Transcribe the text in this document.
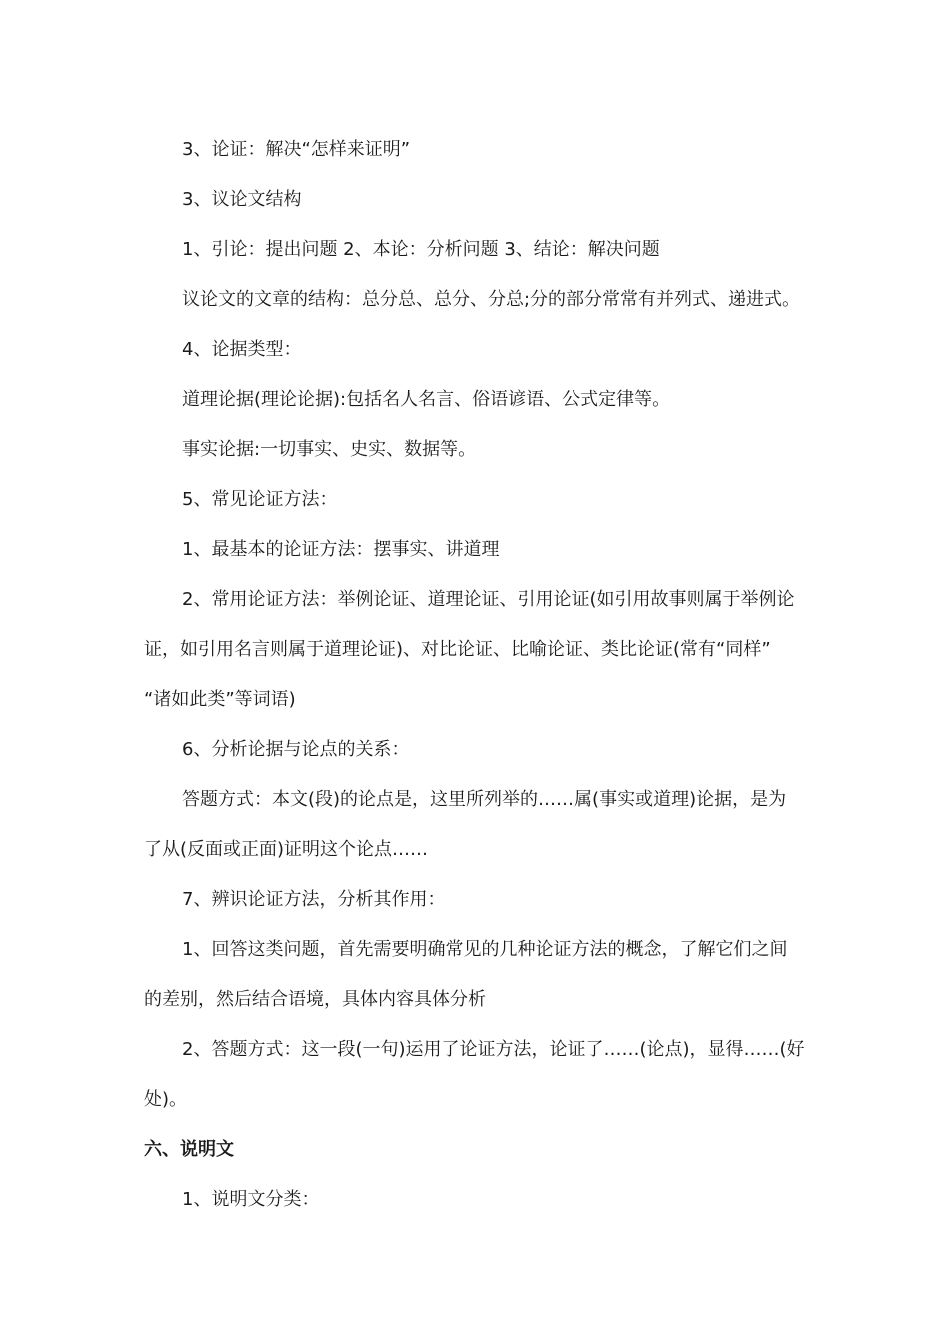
3、论证：解决“怎样来证明”
3、议论文结构
1、引论：提出问题 2、本论：分析问题 3、结论：解决问题
议论文的文章的结构：总分总、总分、分总;分的部分常常有并列式、递进式。
4、论据类型：
道理论据(理论论据):包括名人名言、俗语谚语、公式定律等。
事实论据:一切事实、史实、数据等。
5、常见论证方法：
1、最基本的论证方法：摆事实、讲道理
2、常用论证方法：举例论证、道理论证、引用论证(如引用故事则属于举例论
证，如引用名言则属于道理论证)、对比论证、比喻论证、类比论证(常有“同样”
“诸如此类”等词语)
6、分析论据与论点的关系：
答题方式：本文(段)的论点是，这里所列举的……属(事实或道理)论据，是为
了从(反面或正面)证明这个论点……
7、辨识论证方法，分析其作用：
1、回答这类问题，首先需要明确常见的几种论证方法的概念，了解它们之间
的差别，然后结合语境，具体内容具体分析
2、答题方式：这一段(一句)运用了论证方法，论证了……(论点)，显得……(好
处)。
六、说明文
1、说明文分类：
